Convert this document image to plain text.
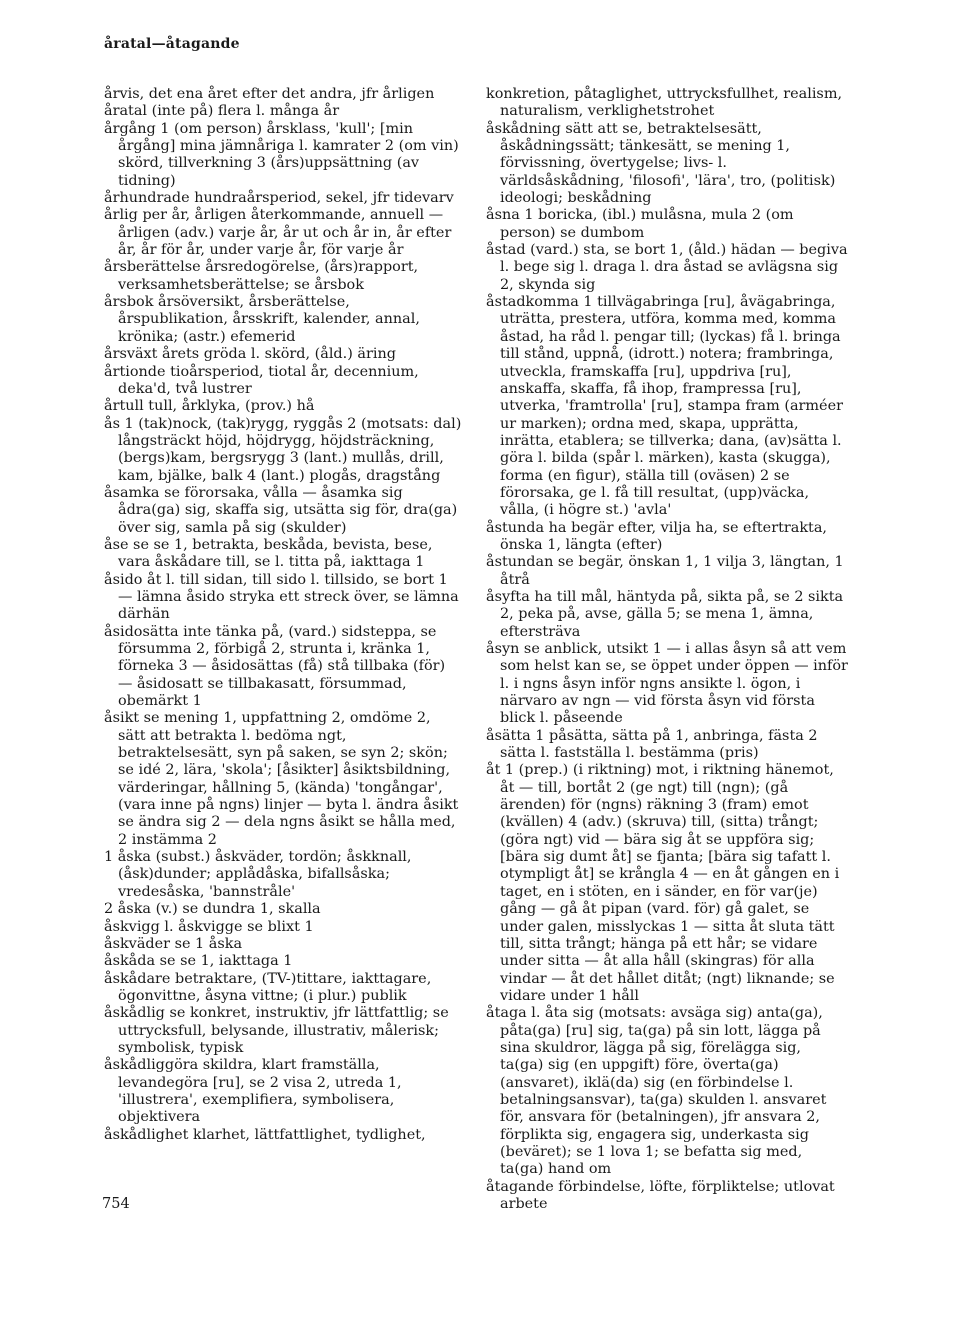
åratal—åtagande

årvis, det ena året efter det andra, jfr årligen

åratal (inte på) flera l. många år

årgång 1 (om person) årsklass, 'kull'; [min årgång] mina jämnåriga l. kamrater 2 (om vin) skörd, tillverkning 3 (års)uppsättning (av tidning)

århundrade hundraårsperiod, sekel, jfr tidevarv

årlig per år, årligen återkommande, annuell — årligen (adv.) varje år, år ut och år in, år efter år, år för år, under varje år, för varje år

årsberättelse årsredogörelse, (års)rapport, verksamhetsberättelse; se årsbok

årsbok årsöversikt, årsberättelse, årspublikation, årsskrift, kalender, annal, krönika; (astr.) efemerid

årsväxt årets gröda l. skörd, (åld.) äring

årtionde tioårsperiod, tiotal år, decennium, deka'd, två lustrer

årtull tull, årklyka, (prov.) hå

ås 1 (tak)nock, (tak)rygg, ryggås 2 (motsats: dal) långsträckt höjd, höjdrygg, höjdsträckning, (bergs)kam, bergsrygg 3 (lant.) mullås, drill, kam, bjälke, balk 4 (lant.) plogås, dragstång

åsamka se förorsaka, vålla — åsamka sig ådra(ga) sig, skaffa sig, utsätta sig för, dra(ga) över sig, samla på sig (skulder)

åse se se 1, betrakta, beskåda, bevista, bese, vara åskådare till, se l. titta på, iakttaga 1

åsido åt l. till sidan, till sido l. tillsido, se bort 1 — lämna åsido stryka ett streck över, se lämna därhän

åsidosätta inte tänka på, (vard.) sidsteppa, se försumma 2, förbigå 2, strunta i, kränka 1, förneka 3 — åsidosättas (få) stå tillbaka (för) — åsidosatt se tillbakasatt, försummad, obemärkt 1

åsikt se mening 1, uppfattning 2, omdöme 2, sätt att betrakta l. bedöma ngt, betraktelsesätt, syn på saken, se syn 2; skön; se idé 2, lära, 'skola'; [åsikter] åsiktsbildning, värderingar, hållning 5, (kända) 'tongångar', (vara inne på ngns) linjer — byta l. ändra åsikt se ändra sig 2 — dela ngns åsikt se hålla med, 2 instämma 2

1 åska (subst.) åskväder, tordön; åskknall, (åsk)dunder; applådåska, bifallsåska; vredesåska, 'bannstråle'

2 åska (v.) se dundra 1, skalla

åskvigg l. åskvigge se blixt 1

åskväder se 1 åska

åskåda se se 1, iakttaga 1

åskådare betraktare, (TV-)tittare, iakttagare, ögonvittne, åsyna vittne; (i plur.) publik

åskådlig se konkret, instruktiv, jfr lättfattlig; se uttrycksfull, belysande, illustrativ, målerisk; symbolisk, typisk

åskådliggöra skildra, klart framställa, levandegöra [ru], se 2 visa 2, utreda 1, 'illustrera', exemplifiera, symbolisera, objektivera

åskådlighet klarhet, lättfattlighet, tydlighet,

konkretion, påtaglighet, uttrycksfullhet, realism, naturalism, verklighetstrohet

åskådning sätt att se, betraktelsesätt, åskådningssätt; tänkesätt, se mening 1, förvissning, övertygelse; livs- l. världsåskådning, 'filosofi', 'lära', tro, (politisk) ideologi; beskådning

åsna 1 boricka, (ibl.) mulåsna, mula 2 (om person) se dumbom

åstad (vard.) sta, se bort 1, (åld.) hädan — begiva l. bege sig l. draga l. dra åstad se avlägsna sig 2, skynda sig

åstadkomma 1 tillvägabringa [ru], åvägabringa, uträtta, prestera, utföra, komma med, komma åstad, ha råd l. pengar till; (lyckas) få l. bringa till stånd, uppnå, (idrott.) notera; frambringa, utveckla, framskaffa [ru], uppdriva [ru], anskaffa, skaffa, få ihop, frampressa [ru], utverka, 'framtrolla' [ru], stampa fram (arméer ur marken); ordna med, skapa, upprätta, inrätta, etablera; se tillverka; dana, (av)sätta l. göra l. bilda (spår l. märken), kasta (skugga), forma (en figur), ställa till (oväsen) 2 se förorsaka, ge l. få till resultat, (upp)väcka, vålla, (i högre st.) 'avla'

åstunda ha begär efter, vilja ha, se eftertrakta, önska 1, längta (efter)

åstundan se begär, önskan 1, 1 vilja 3, längtan, 1 åtrå

åsyfta ha till mål, häntyda på, sikta på, se 2 sikta 2, peka på, avse, gälla 5; se mena 1, ämna, eftersträva

åsyn se anblick, utsikt 1 — i allas åsyn så att vem som helst kan se, se öppet under öppen — inför l. i ngns åsyn inför ngns ansikte l. ögon, i närvaro av ngn — vid första åsyn vid första blick l. påseende

åsätta 1 påsätta, sätta på 1, anbringa, fästa 2 sätta l. fastställa l. bestämma (pris)

åt 1 (prep.) (i riktning) mot, i riktning hänemot, åt — till, bortåt 2 (ge ngt) till (ngn); (gå ärenden) för (ngns) räkning 3 (fram) emot (kvällen) 4 (adv.) (skruva) till, (sitta) trångt; (göra ngt) vid — bära sig åt se uppföra sig; [bära sig dumt åt] se fjanta; [bära sig tafatt l. otympligt åt] se krångla 4 — en åt gången en i taget, en i stöten, en i sänder, en för var(je) gång — gå åt pipan (vard. för) gå galet, se under galen, misslyckas 1 — sitta åt sluta tätt till, sitta trångt; hänga på ett hår; se vidare under sitta — åt alla håll (skingras) för alla vindar — åt det hållet ditåt; (ngt) liknande; se vidare under 1 håll

åtaga l. åta sig (motsats: avsäga sig) anta(ga), påta(ga) [ru] sig, ta(ga) på sin lott, lägga på sina skuldror, lägga på sig, förelägga sig, ta(ga) sig (en uppgift) före, överta(ga) (ansvaret), iklä(da) sig (en förbindelse l. betalningsansvar), ta(ga) skulden l. ansvaret för, ansvara för (betalningen), jfr ansvara 2, förplikta sig, engagera sig, underkasta sig (beväret); se 1 lova 1; se befatta sig med, ta(ga) hand om

åtagande förbindelse, löfte, förpliktelse; utlovat arbete

754
